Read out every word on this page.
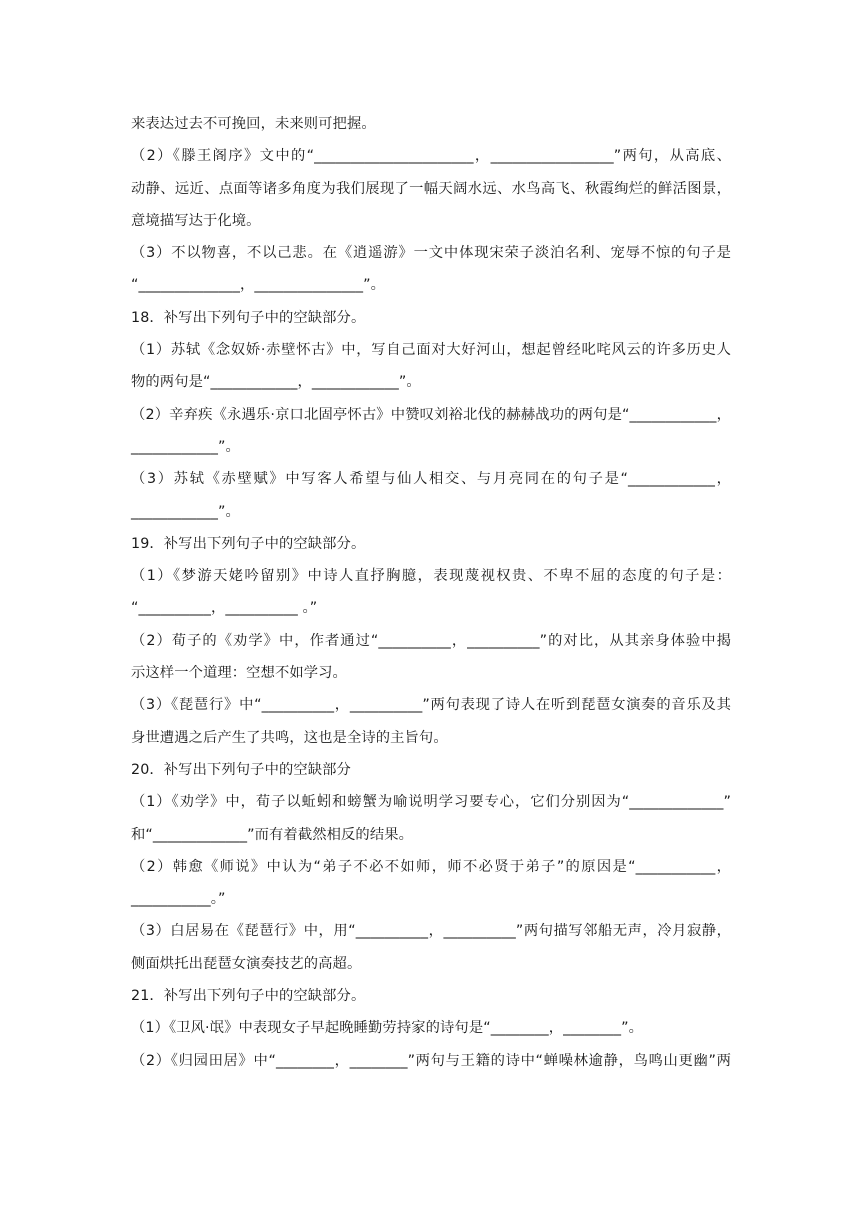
来表达过去不可挽回，未来则可把握。
（2）《滕王阁序》文中的“______________________，_________________”两句，从高底、
动静、远近、点面等诸多角度为我们展现了一幅天阔水远、水鸟高飞、秋霞绚烂的鲜活图景，
意境描写达于化境。
（3）不以物喜，不以己悲。在《逍遥游》一文中体现宋荣子淡泊名利、宠辱不惊的句子是
“______________，_______________”。
18．补写出下列句子中的空缺部分。
（1）苏轼《念奴娇·赤壁怀古》中，写自己面对大好河山，想起曾经叱咤风云的许多历史人
物的两句是“____________，____________”。
（2）辛弃疾《永遇乐·京口北固亭怀古》中赞叹刘裕北伐的赫赫战功的两句是“____________，
____________”。
（3）苏轼《赤壁赋》中写客人希望与仙人相交、与月亮同在的句子是“____________，
____________”。
19．补写出下列句子中的空缺部分。
（1）《梦游天姥吟留别》中诗人直抒胸臆，表现蔑视权贵、不卑不屈的态度的句子是：
“__________，__________ 。”
（2）荀子的《劝学》中，作者通过“__________，__________”的对比，从其亲身体验中揭
示这样一个道理：空想不如学习。
（3）《琵琶行》中“__________，__________”两句表现了诗人在听到琵琶女演奏的音乐及其
身世遭遇之后产生了共鸣，这也是全诗的主旨句。
20．补写出下列句子中的空缺部分
（1）《劝学》中，荀子以蚯蚓和螃蟹为喻说明学习要专心，它们分别因为“_____________”
和“_____________”而有着截然相反的结果。
（2）韩愈《师说》中认为“弟子不必不如师，师不必贤于弟子”的原因是“___________，
___________。”
（3）白居易在《琵琶行》中，用“__________，__________”两句描写邻船无声，冷月寂静，
侧面烘托出琵琶女演奏技艺的高超。
21．补写出下列句子中的空缺部分。
（1）《卫风·氓》中表现女子早起晚睡勤劳持家的诗句是“________，________”。
（2）《归园田居》中“________，________”两句与王籍的诗中“蝉噪林逾静，鸟鸣山更幽”两
